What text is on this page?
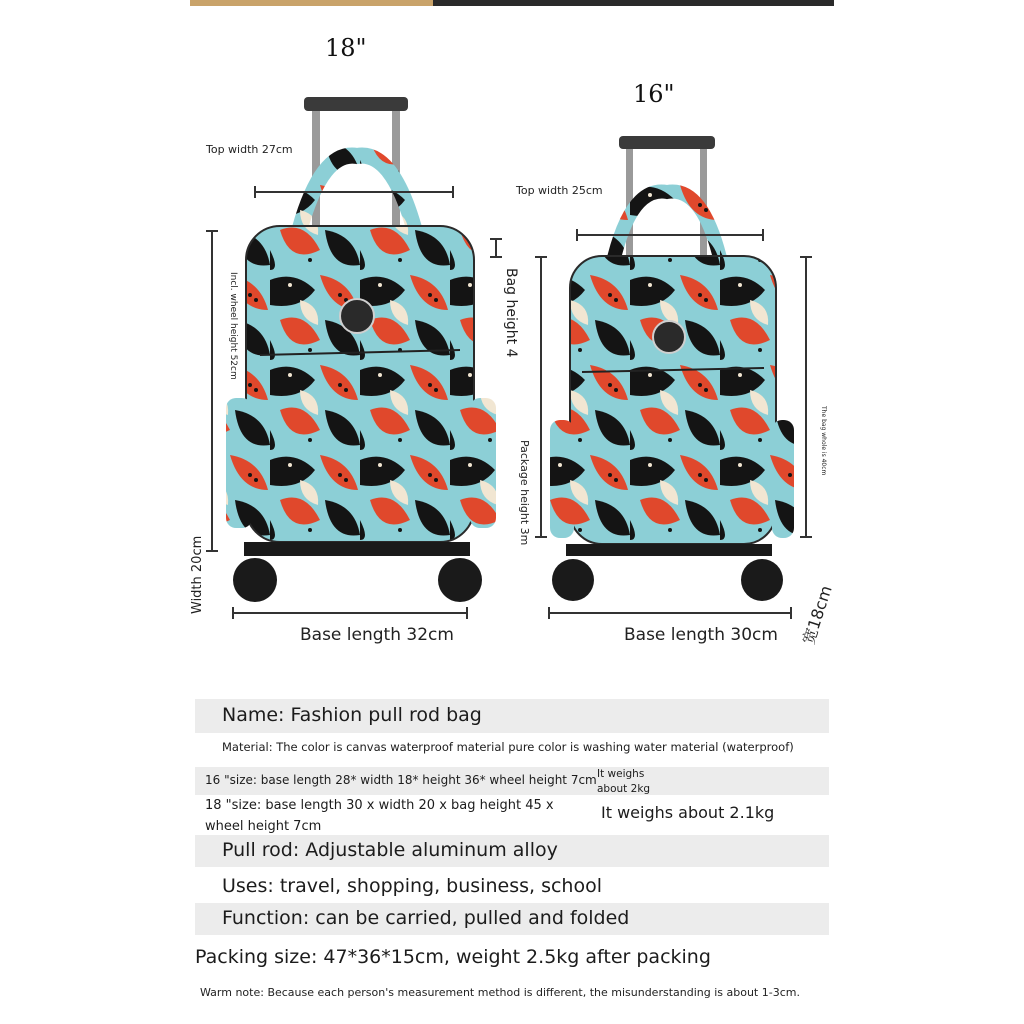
18"
16"
Top width 27cm
Top width 25cm
Incl. wheel height 52cm	Bag height 4
Package height 3m	The bag whole is 40cm
Width 20cm
Base length 32cm	Base length 30cm 宽18cm
Name: Fashion pull rod bag
Material: The color is canvas waterproof material pure color is washing water material (waterproof)
16 "size: base length 28* width 18* height 36* wheel height 7cm It weighs about 2kg
18 "size: base length 30 x width 20 x bag height 45 x wheel height 7cm
It weighs about 2.1kg
Pull rod: Adjustable aluminum alloy
Uses: travel, shopping, business, school
Function: can be carried, pulled and folded
Packing size: 47*36*15cm, weight 2.5kg after packing
Warm note: Because each person's measurement method is different, the misunderstanding is about 1-3cm.
